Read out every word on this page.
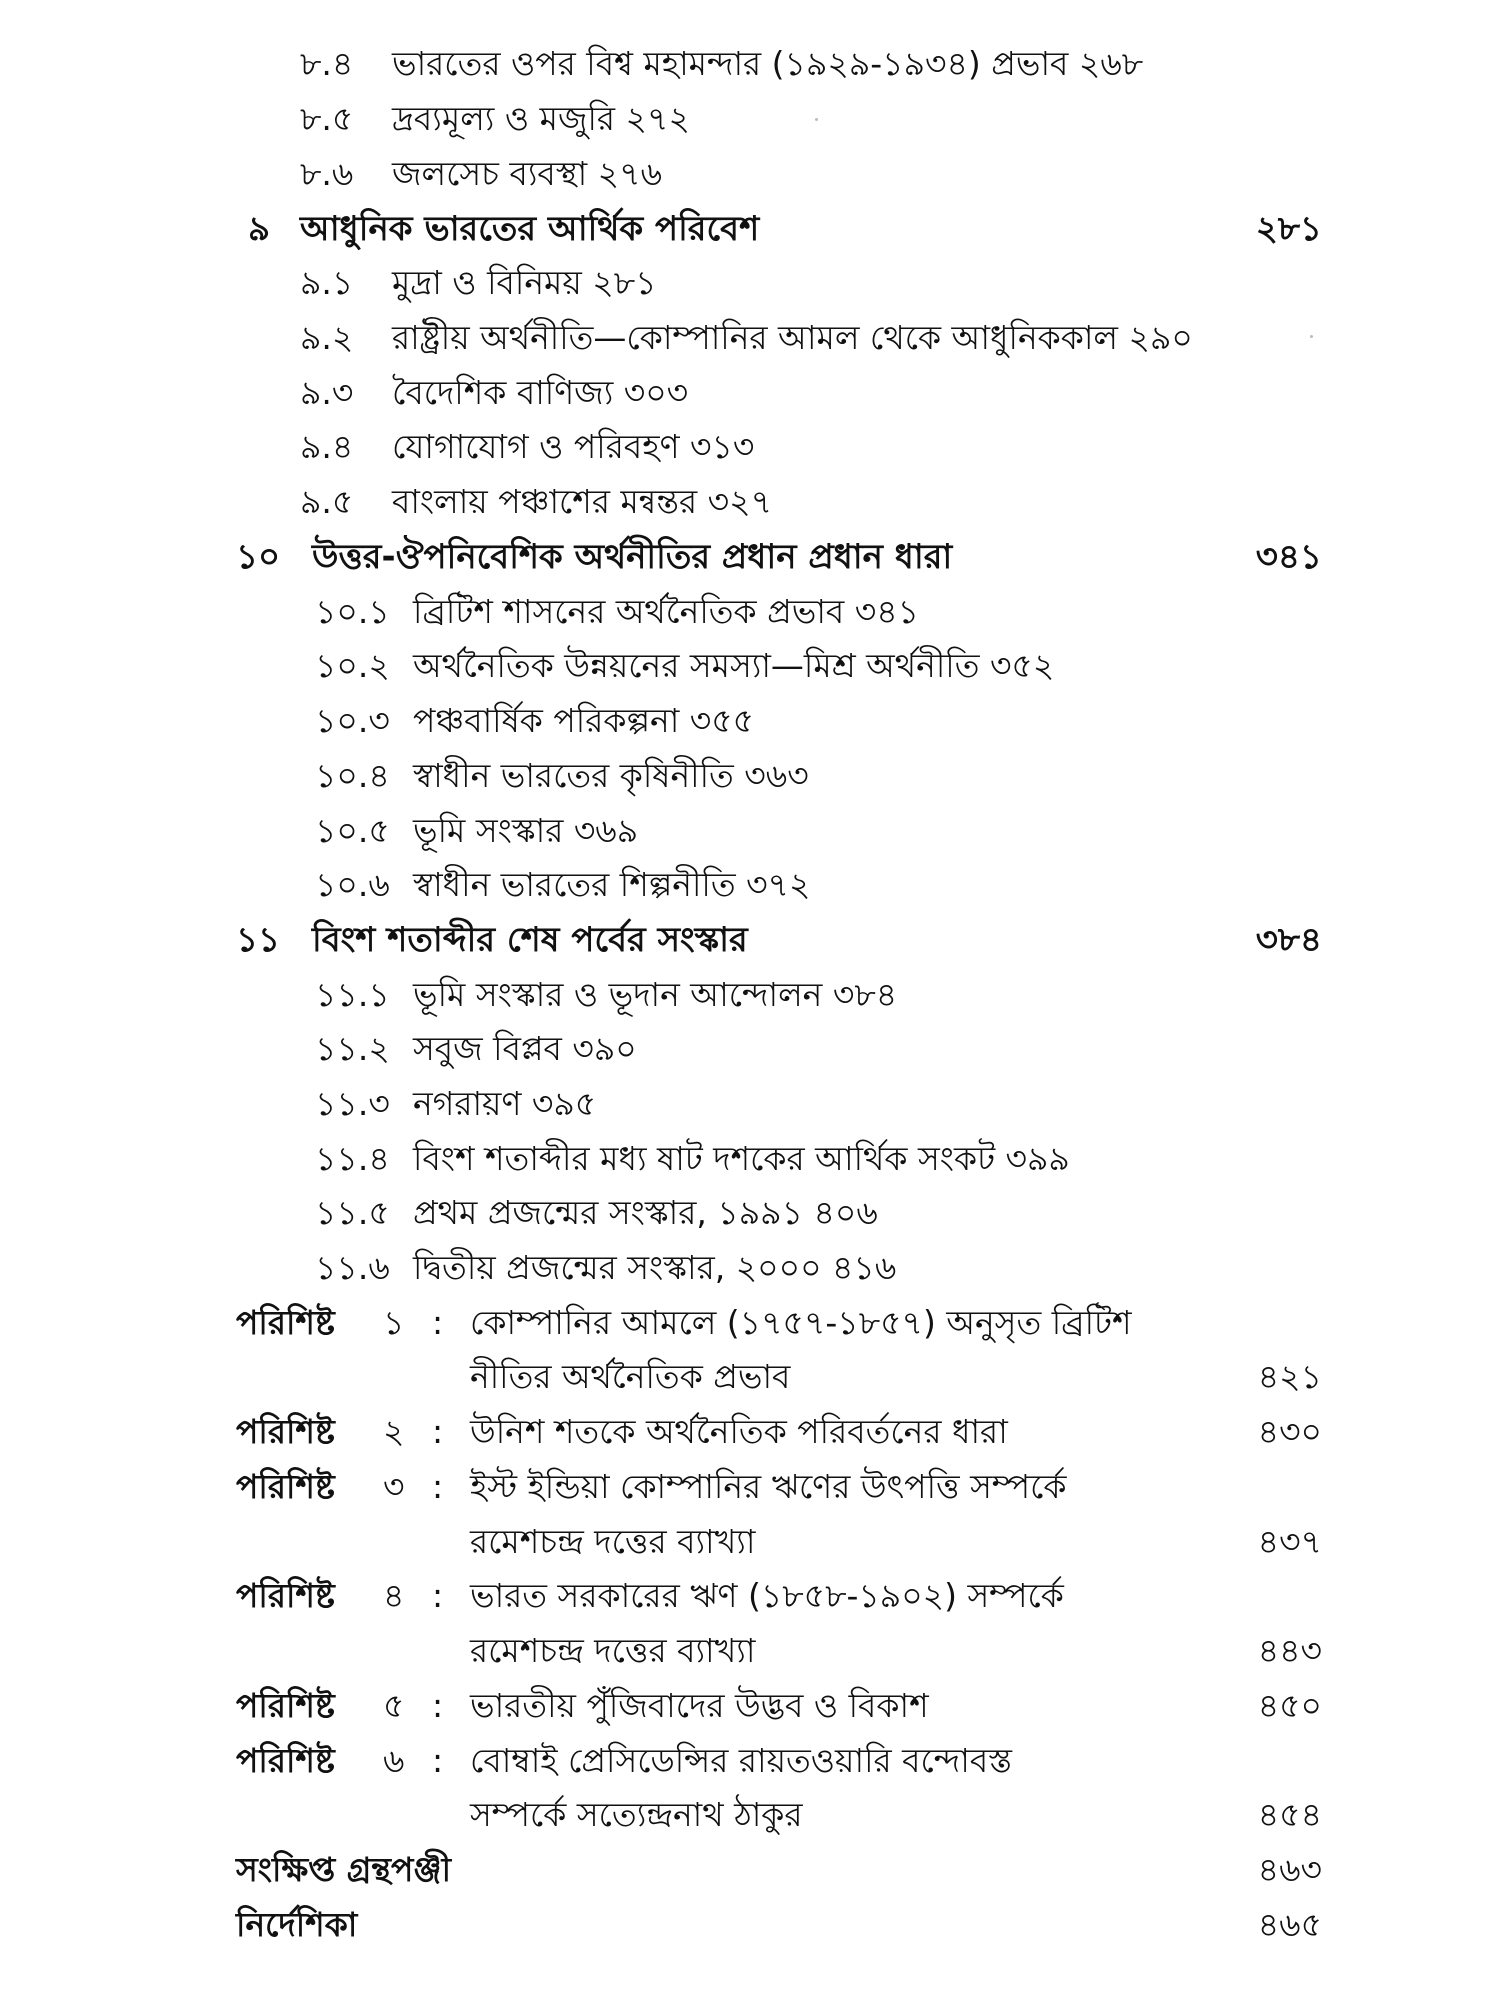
৮.৪ ভারতের ওপর বিশ্ব মহামন্দার (১৯২৯-১৯৩৪) প্রভাব ২৬৮
৮.৫ দ্রব্যমূল্য ও মজুরি ২৭২
৮.৬ জলসেচ ব্যবস্থা ২৭৬
৯ আধুনিক ভারতের আর্থিক পরিবেশ	২৮১
৯.১ মুদ্রা ও বিনিময় ২৮১
৯.২ রাষ্ট্রীয় অর্থনীতি—কোম্পানির আমল থেকে আধুনিককাল ২৯০
৯.৩ বৈদেশিক বাণিজ্য ৩০৩
৯.৪ যোগাযোগ ও পরিবহণ ৩১৩
৯.৫ বাংলায় পঞ্চাশের মন্বন্তর ৩২৭
১০ উত্তর-ঔপনিবেশিক অর্থনীতির প্রধান প্রধান ধারা	৩৪১
১০.১ ব্রিটিশ শাসনের অর্থনৈতিক প্রভাব ৩৪১
১০.২ অর্থনৈতিক উন্নয়নের সমস্যা—মিশ্র অর্থনীতি ৩৫২
১০.৩ পঞ্চবার্ষিক পরিকল্পনা ৩৫৫
১০.৪ স্বাধীন ভারতের কৃষিনীতি ৩৬৩
১০.৫ ভূমি সংস্কার ৩৬৯
১০.৬ স্বাধীন ভারতের শিল্পনীতি ৩৭২
১১ বিংশ শতাব্দীর শেষ পর্বের সংস্কার	৩৮৪
১১.১ ভূমি সংস্কার ও ভূদান আন্দোলন ৩৮৪
১১.২ সবুজ বিপ্লব ৩৯০
১১.৩ নগরায়ণ ৩৯৫
১১.৪ বিংশ শতাব্দীর মধ্য ষাট দশকের আর্থিক সংকট ৩৯৯
১১.৫ প্রথম প্রজন্মের সংস্কার, ১৯৯১ ৪০৬
১১.৬ দ্বিতীয় প্রজন্মের সংস্কার, ২০০০ ৪১৬
পরিশিষ্ট ১ : কোম্পানির আমলে (১৭৫৭-১৮৫৭) অনুসৃত ব্রিটিশ
নীতির অর্থনৈতিক প্রভাব	৪২১
পরিশিষ্ট ২ : উনিশ শতকে অর্থনৈতিক পরিবর্তনের ধারা	৪৩০
পরিশিষ্ট ৩ : ইস্ট ইন্ডিয়া কোম্পানির ঋণের উৎপত্তি সম্পর্কে
রমেশচন্দ্র দত্তের ব্যাখ্যা	৪৩৭
পরিশিষ্ট ৪ : ভারত সরকারের ঋণ (১৮৫৮-১৯০২) সম্পর্কে
রমেশচন্দ্র দত্তের ব্যাখ্যা	৪৪৩
পরিশিষ্ট ৫ : ভারতীয় পুঁজিবাদের উদ্ভব ও বিকাশ	৪৫০
পরিশিষ্ট ৬ : বোম্বাই প্রেসিডেন্সির রায়তওয়ারি বন্দোবস্ত
সম্পর্কে সত্যেন্দ্রনাথ ঠাকুর	৪৫৪
সংক্ষিপ্ত গ্রন্থপঞ্জী	৪৬৩
নির্দেশিকা	৪৬৫
